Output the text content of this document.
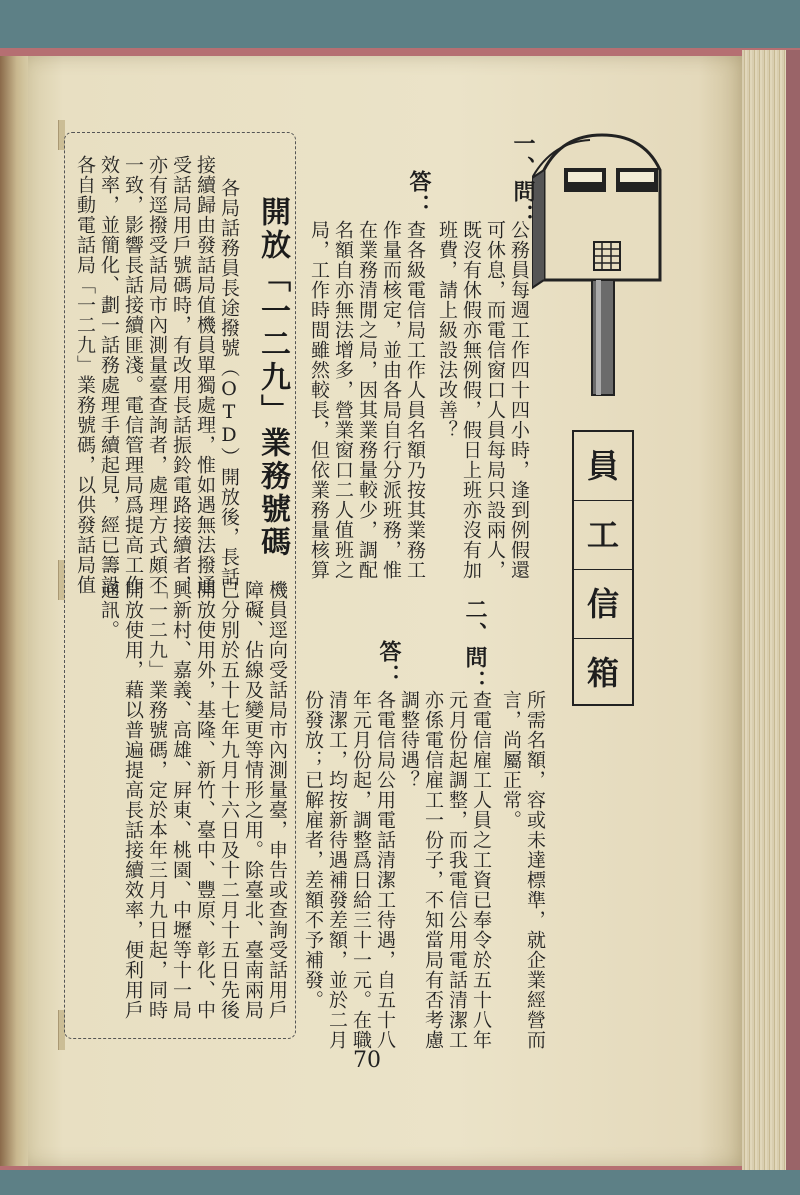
員
工
信
箱
一、問：
公務員每週工作四十四小時，逢到例假還
可休息，而電信窗口人員每局只設兩人，
既沒有休假亦無例假，假日上班亦沒有加
班費，請上級設法改善？
答：
查各級電信局工作人員名額乃按其業務工
作量而核定，並由各局自行分派班務，惟
在業務清閒之局，因其業務量較少，調配
名額自亦無法增多，營業窗口二人值班之
局，工作時間雖然較長，但依業務量核算
所需名額，容或未達標準，就企業經營而
言，尚屬正常。
二、問：
查電信雇工人員之工資已奉令於五十八年
元月份起調整，而我電信公用電話清潔工
亦係電信雇工一份子，不知當局有否考慮
調整待遇？
答：
各電信局公用電話清潔工待遇，自五十八
年元月份起，調整爲日給三十一元。在職
清潔工，均按新待遇補發差額，並於二月
份發放；已解雇者，差額不予補發。
開放「一二九」業務號碼
各局話務員長途撥號（OTD）開放後，長話
接續歸由發話局值機員單獨處理，惟如遇無法撥通
受話局用戶號碼時，有改用長話振鈴電路接續者，
亦有逕撥受話局市內測量臺查詢者，處理方式頗不
一致，影響長話接續匪淺。電信管理局爲提高工作
效率，並簡化、劃一話務處理手續起見，經已籌設
各自動電話局「一二九」業務號碼，以供發話局值
機員逕向受話局市內測量臺，申告或查詢受話用戶
障礙、佔線及變更等情形之用。除臺北、臺南兩局
已分別於五十七年九月十六日及十二月十五日先後
開放使用外，基隆、新竹、臺中、豐原、彰化、中
興新村、嘉義、高雄、屛東、桃園、中壢等十一局
「一二九」業務號碼，定於本年三月九日起，同時
開放使用，藉以普遍提高長話接續效率，便利用戶
通訊。
70
